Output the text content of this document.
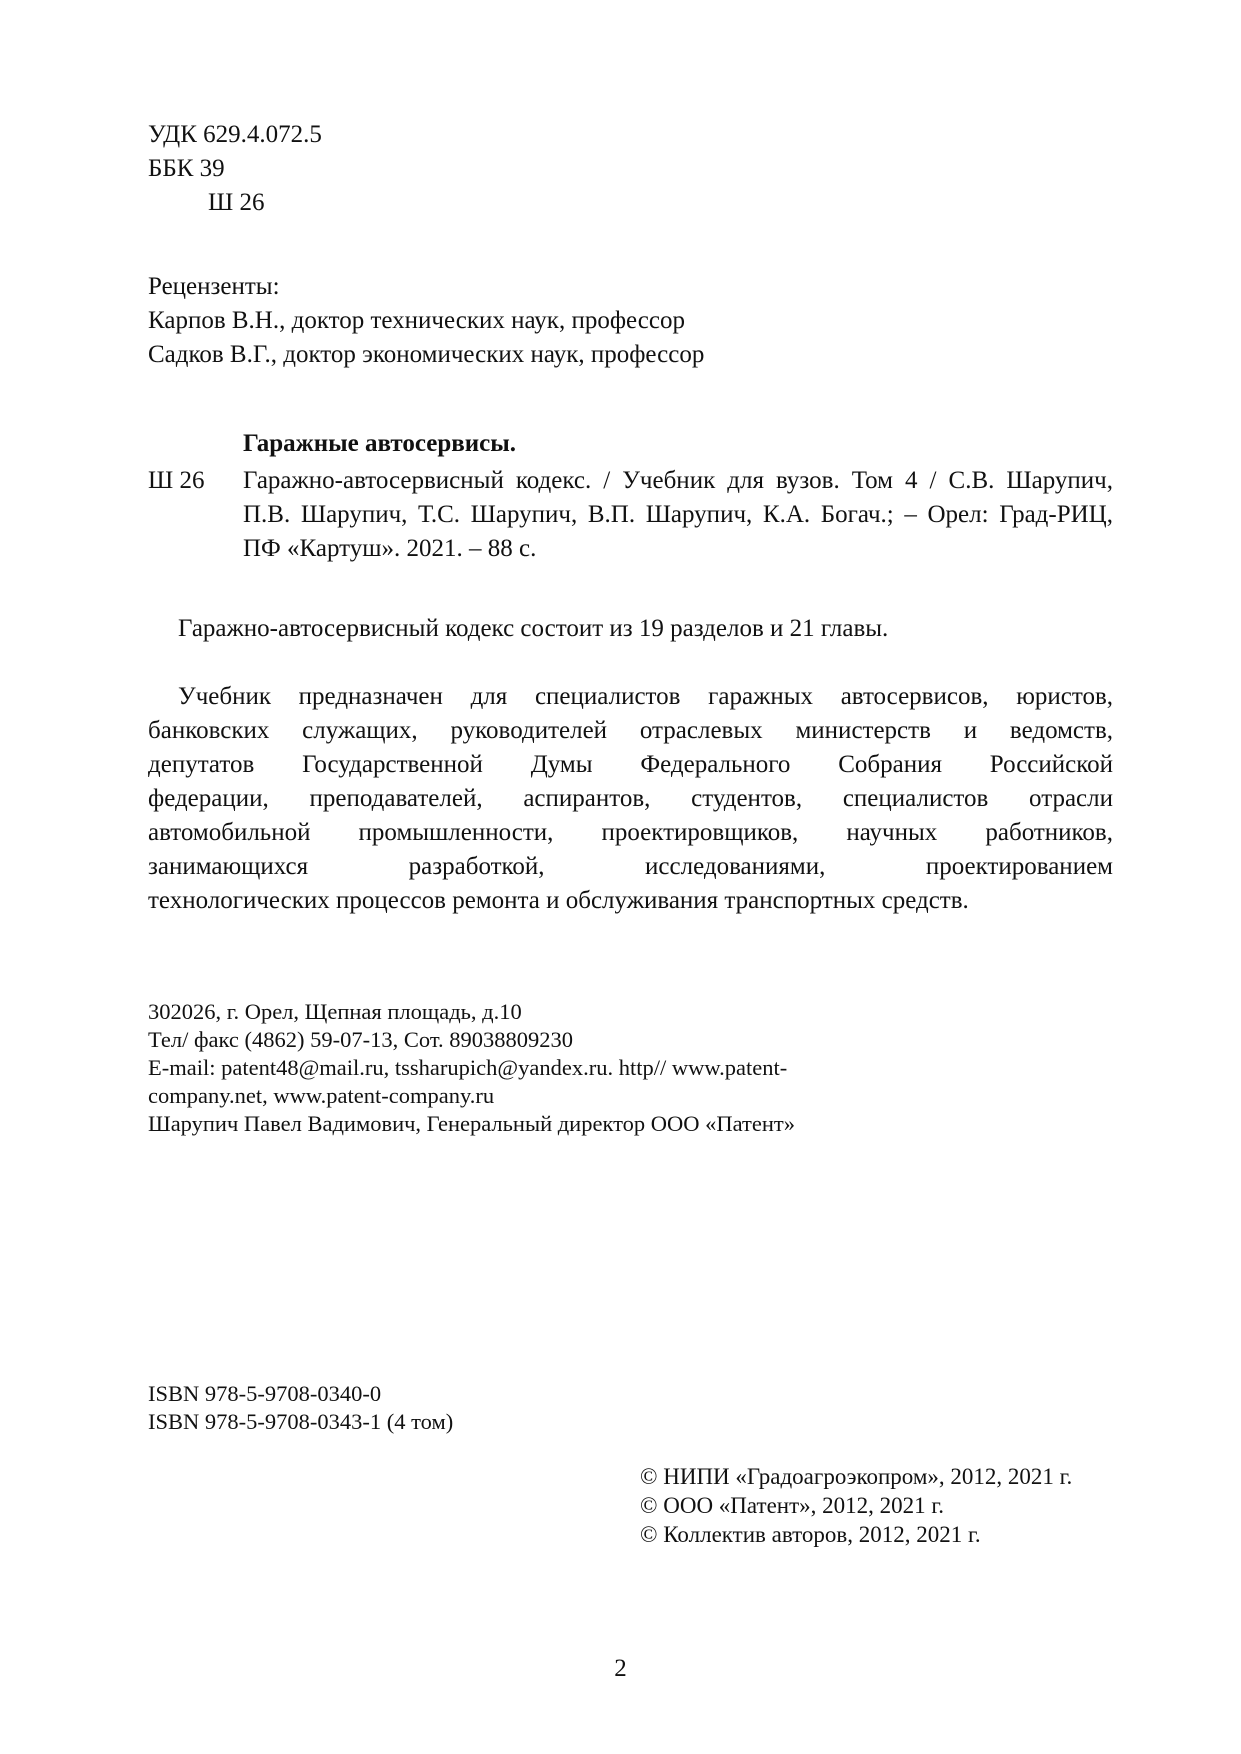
УДК 629.4.072.5
ББК 39
Ш 26
Рецензенты:
Карпов В.Н., доктор технических наук, профессор
Садков В.Г., доктор экономических наук, профессор
Гаражные автосервисы.
Ш 26 Гаражно-автосервисный кодекс. / Учебник для вузов. Том 4 / С.В. Шарупич,
П.В. Шарупич, Т.С. Шарупич, В.П. Шарупич, К.А. Богач.; – Орел: Град-РИЦ,
ПФ «Картуш». 2021. – 88 с.
Гаражно-автосервисный кодекс состоит из 19 разделов и 21 главы.
Учебник предназначен для специалистов гаражных автосервисов, юристов,
банковских служащих, руководителей отраслевых министерств и ведомств,
депутатов Государственной Думы Федерального Собрания Российской
федерации, преподавателей, аспирантов, студентов, специалистов отрасли
автомобильной промышленности, проектировщиков, научных работников,
занимающихся разработкой, исследованиями, проектированием
технологических процессов ремонта и обслуживания транспортных средств.
302026, г. Орел, Щепная площадь, д.10
Тел/ факс (4862) 59-07-13, Сот. 89038809230
E-mail: patent48@mail.ru, tssharupich@yandex.ru. http// www.patent-
company.net, www.patent-company.ru
Шарупич Павел Вадимович, Генеральный директор ООО «Патент»
ISBN 978-5-9708-0340-0
ISBN 978-5-9708-0343-1 (4 том)
© НИПИ «Градоагроэкопром», 2012, 2021 г.
© ООО «Патент», 2012, 2021 г.
© Коллектив авторов, 2012, 2021 г.
2
